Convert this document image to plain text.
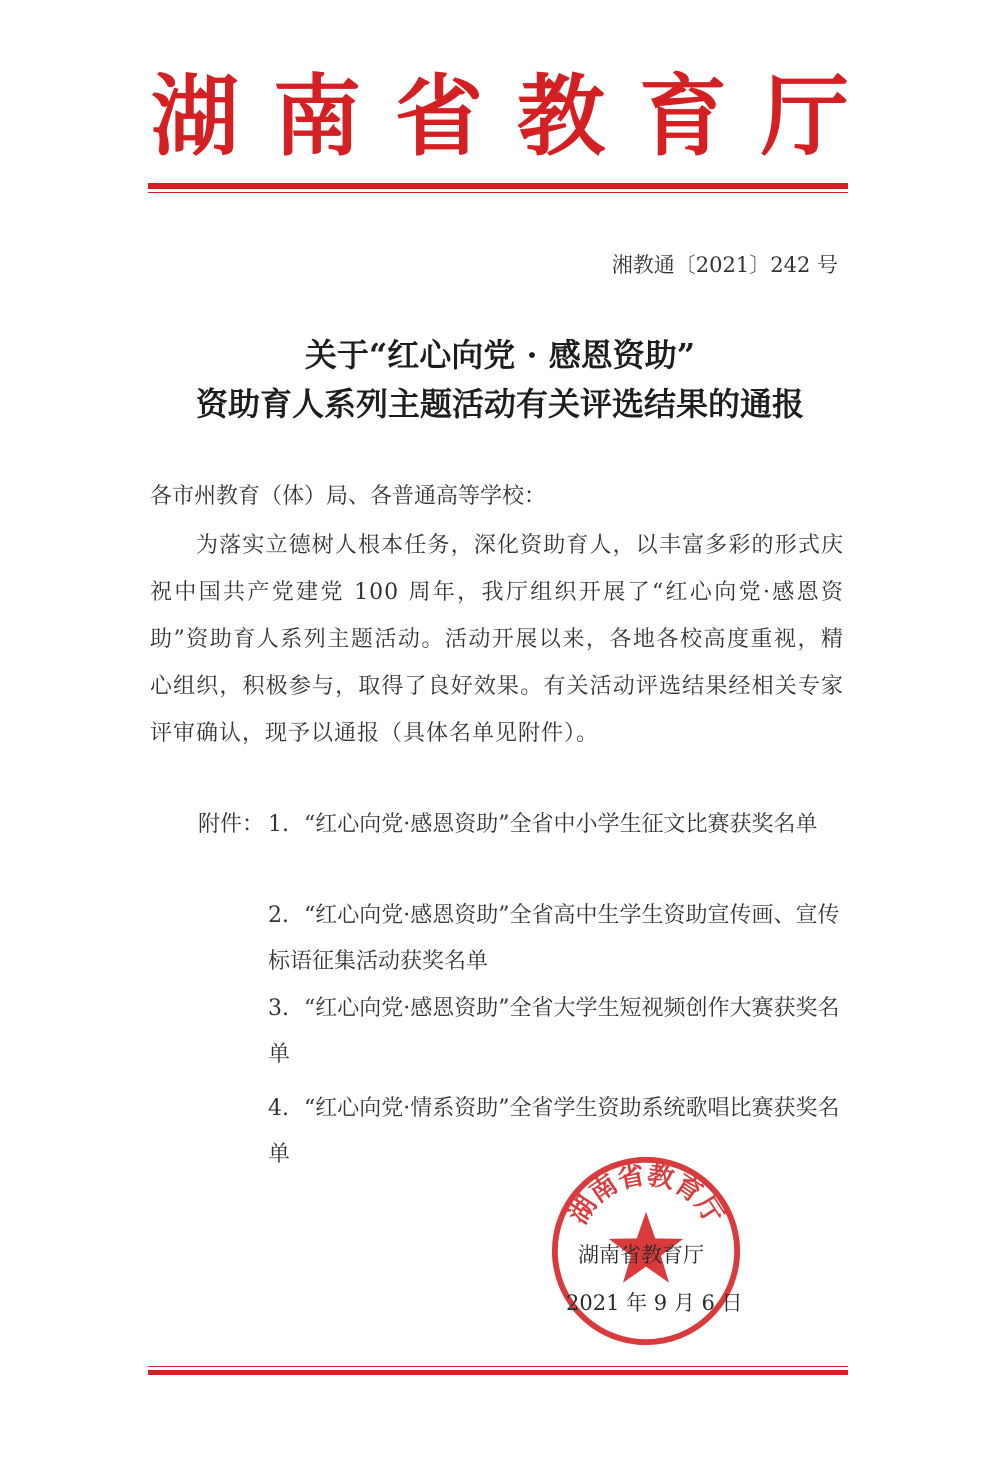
湖南省教育厅
湘教通〔2021〕242 号
关于“红心向党 · 感恩资助”
资助育人系列主题活动有关评选结果的通报
各市州教育（体）局、各普通高等学校：
为落实立德树人根本任务，深化资助育人，以丰富多彩的形式庆祝中国共产党建党 100 周年，我厅组织开展了“红心向党·感恩资助”资助育人系列主题活动。活动开展以来，各地各校高度重视，精心组织，积极参与，取得了良好效果。有关活动评选结果经相关专家评审确认，现予以通报（具体名单见附件）。
附件： 1. “红心向党·感恩资助”全省中小学生征文比赛获奖名单
2. “红心向党·感恩资助”全省高中生学生资助宣传画、宣传标语征集活动获奖名单
3. “红心向党·感恩资助”全省大学生短视频创作大赛获奖名单
4. “红心向党·情系资助”全省学生资助系统歌唱比赛获奖名单
湖南省教育厅
湖南省教育厅
2021 年 9 月 6 日
